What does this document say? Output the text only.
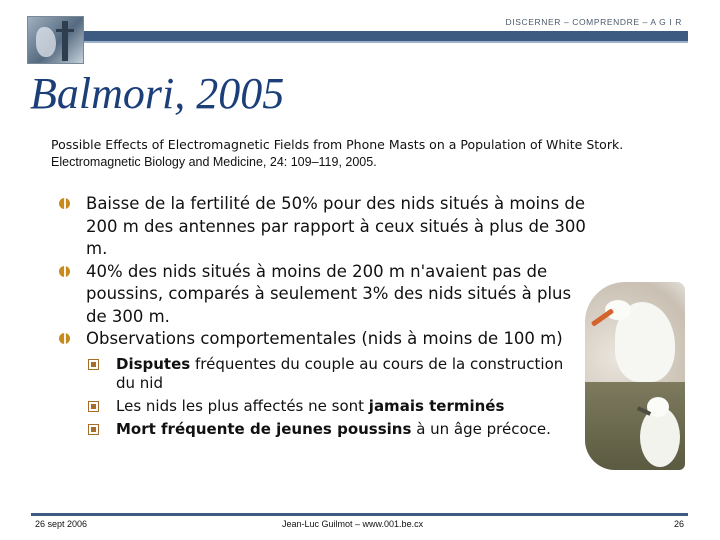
DISCERNER – COMPRENDRE – A G I R
Balmori, 2005
Possible Effects of Electromagnetic Fields from Phone Masts on a Population of White Stork. Electromagnetic Biology and Medicine, 24: 109–119, 2005.
Baisse de la fertilité de 50% pour des nids situés à moins de 200 m des antennes par rapport à ceux situés à plus de 300 m.
40% des nids situés à moins de 200 m n'avaient pas de poussins, comparés à seulement 3% des nids situés à plus de 300 m.
Observations comportementales (nids à moins de 100 m)
Disputes fréquentes du couple au cours de la construction du nid
Les nids les plus affectés ne sont jamais terminés
Mort fréquente de jeunes poussins à un âge précoce.
26 sept 2006	Jean-Luc Guilmot – www.001.be.cx	26
